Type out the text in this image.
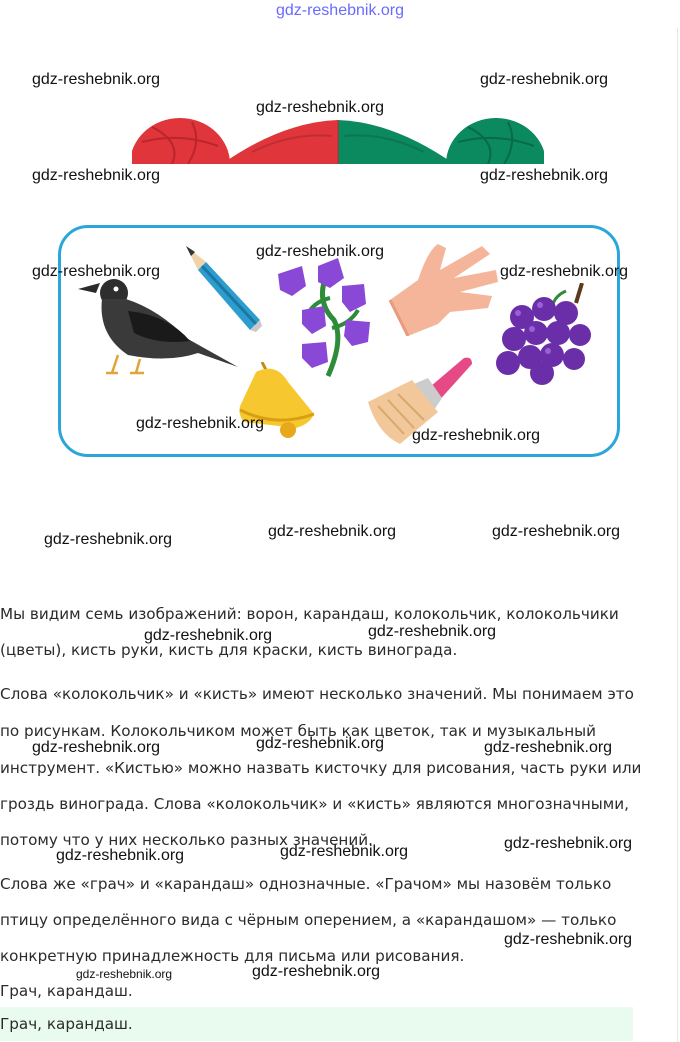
gdz-reshebnik.org
gdz-reshebnik.org	gdz-reshebnik.org
gdz-reshebnik.org
gdz-reshebnik.org	gdz-reshebnik.org
gdz-reshebnik.org
gdz-reshebnik.org	gdz-reshebnik.org
gdz-reshebnik.org
gdz-reshebnik.org
gdz-reshebnik.org	gdz-reshebnik.org
gdz-reshebnik.org
Мы видим семь изображений: ворон, карандаш, колокольчик, колокольчики
(цветы), кисть руки, кисть для краски, кисть винограда.
Слова «колокольчик» и «кисть» имеют несколько значений. Мы понимаем это
по рисункам. Колокольчиком может быть как цветок, так и музыкальный
инструмент. «Кистью» можно назвать кисточку для рисования, часть руки или
гроздь винограда. Слова «колокольчик» и «кисть» являются многозначными,
потому что у них несколько разных значений.
Слова же «грач» и «карандаш» однозначные. «Грачом» мы назовём только
птицу определённого вида с чёрным оперением, а «карандашом» — только
конкретную принадлежность для письма или рисования.
Грач, карандаш.
Грач, карандаш.
gdz-reshebnik.org	gdz-reshebnik.org
gdz-reshebnik.org	gdz-reshebnik.org	gdz-reshebnik.org
gdz-reshebnik.org	gdz-reshebnik.org	gdz-reshebnik.org
gdz-reshebnik.org
gdz-reshebnik.org
gdz-reshebnik.org
